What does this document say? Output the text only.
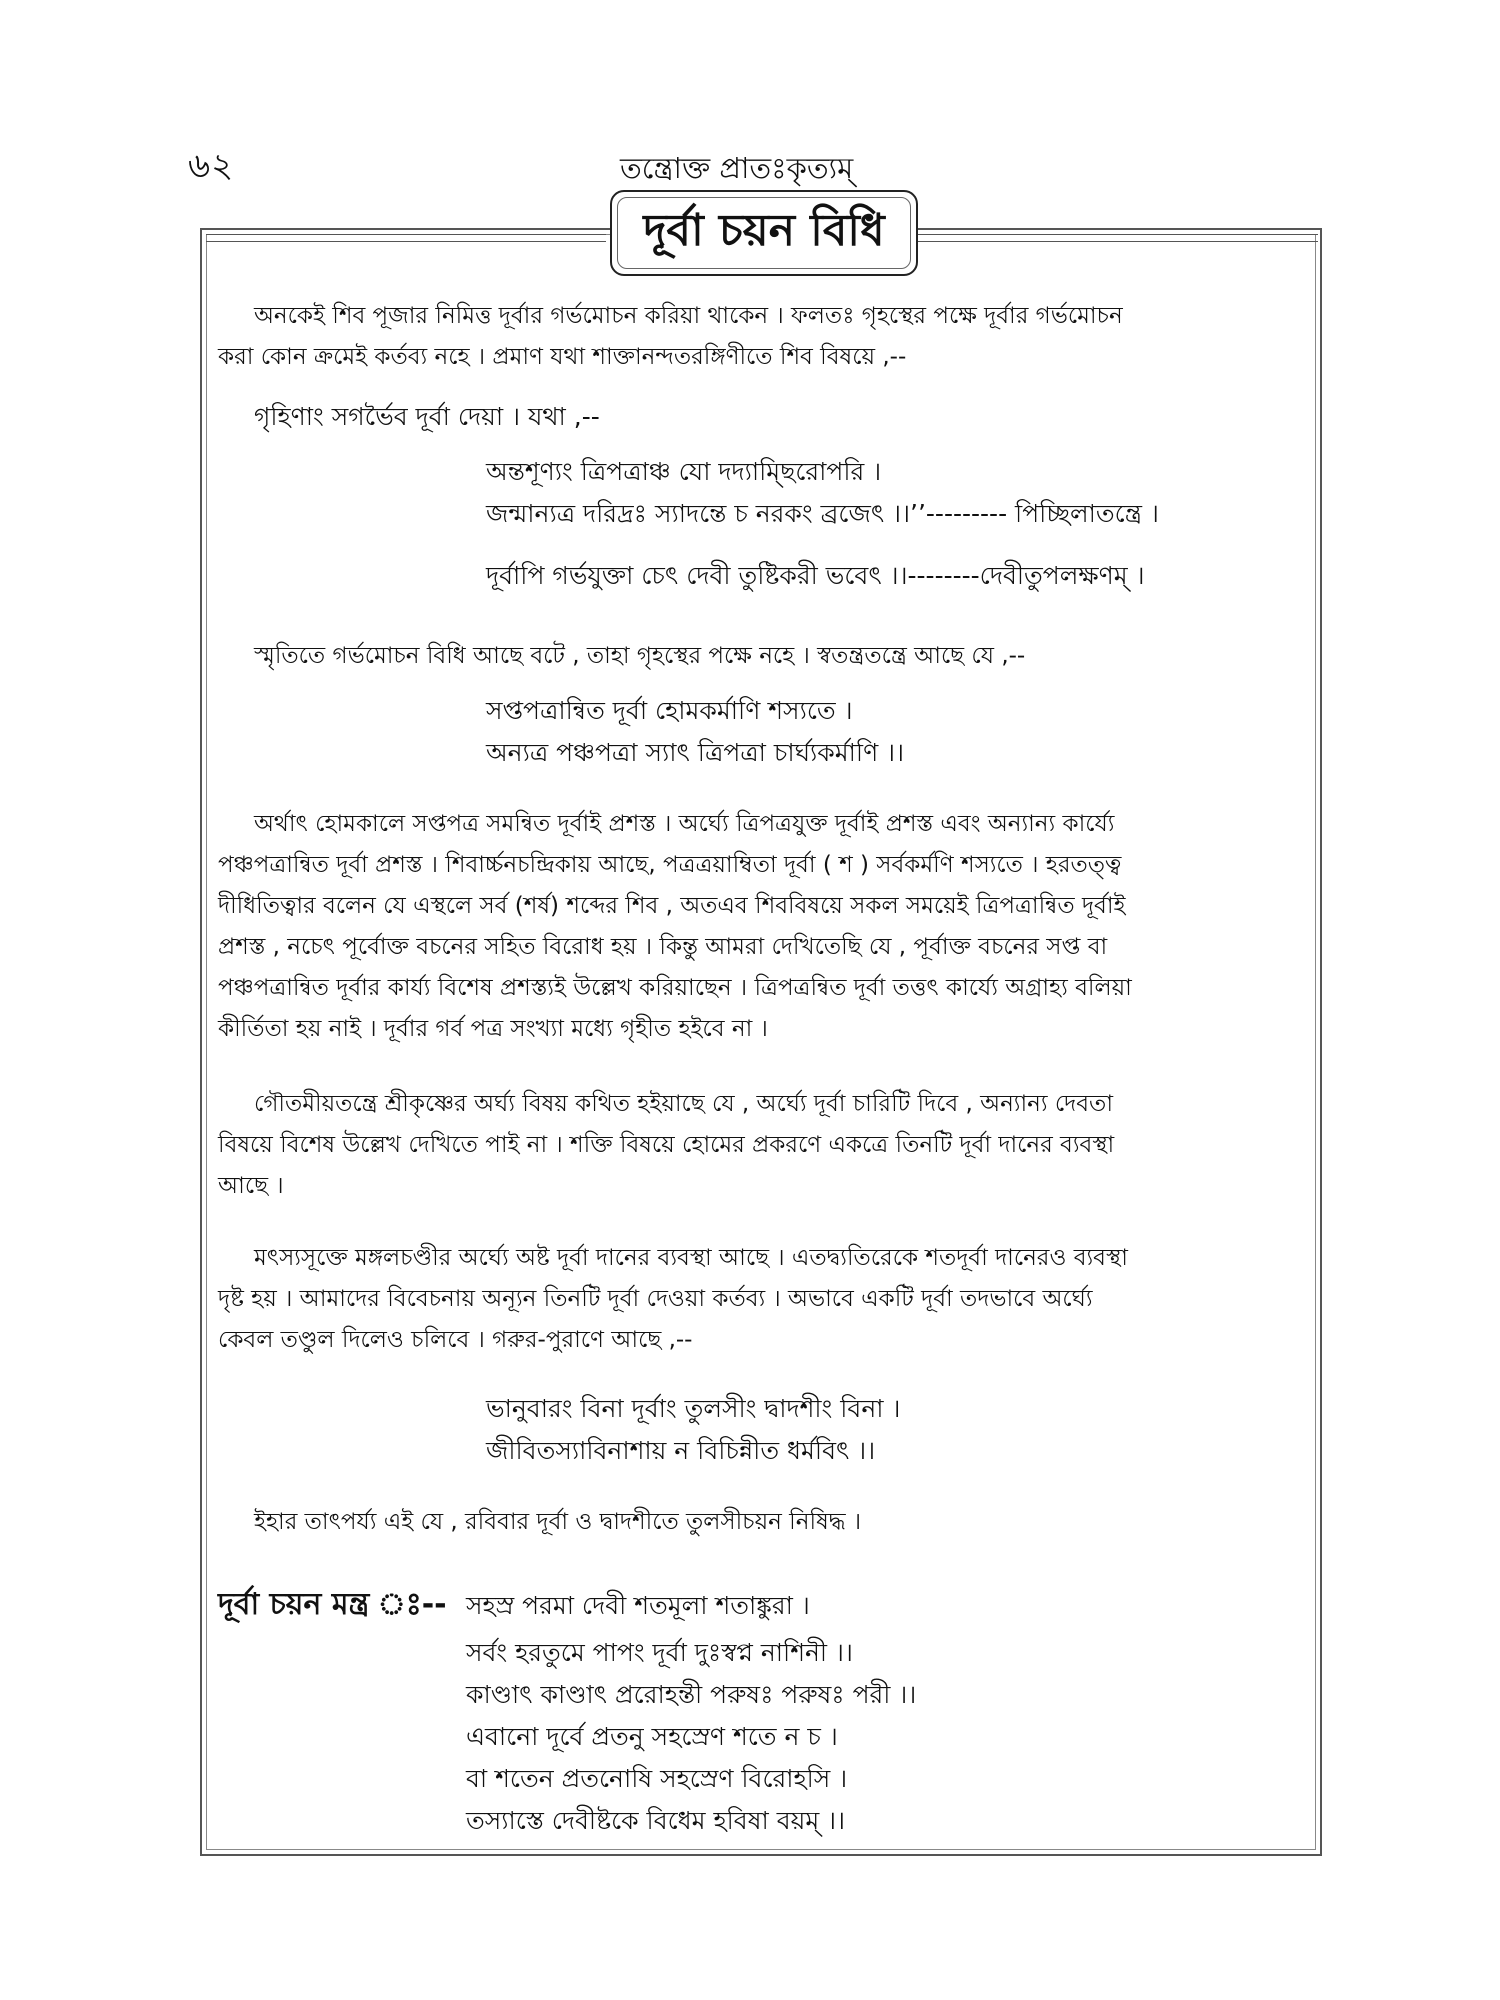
৬২	তন্ত্রোক্ত প্রাতঃকৃত্যম্
দূর্বা চয়ন বিধি
অনকেই শিব পূজার নিমিত্ত দূর্বার গর্ভমোচন করিয়া থাকেন । ফলতঃ গৃহস্থের পক্ষে দূর্বার গর্ভমোচন
করা কোন ক্রমেই কর্তব্য নহে । প্রমাণ যথা শাক্তানন্দতরঙ্গিণীতে শিব বিষয়ে ,--
গৃহিণাং সগর্ভৈব দূর্বা দেয়া । যথা ,--
অন্তশূণ্যং ত্রিপত্রাঞ্চ যো দদ্যাম্ছিরোপরি ।
জন্মান্যত্র দরিদ্রঃ স্যাদন্তে চ নরকং ব্রজেৎ ।।’’--------- পিচ্ছিলাতন্ত্রে ।
দূর্বাপি গর্ভযুক্তা চেৎ দেবী তুষ্টিকরী ভবেৎ ।।--------দেবীতুপলক্ষণম্ ।
স্মৃতিতে গর্ভমোচন বিধি আছে বটে , তাহা গৃহস্থের পক্ষে নহে । স্বতন্ত্রতন্ত্রে আছে যে ,--
সপ্তপত্রান্বিত দূর্বা হোমকর্মাণি শস্যতে ।
অন্যত্র পঞ্চপত্রা স্যাৎ ত্রিপত্রা চার্ঘ্যকর্মাণি ।।
অর্থাৎ হোমকালে সপ্তপত্র সমন্বিত দূর্বাই প্রশস্ত । অর্ঘ্যে ত্রিপত্রযুক্ত দূর্বাই প্রশস্ত এবং অন্যান্য কার্য্যে
পঞ্চপত্রান্বিত দূর্বা প্রশস্ত । শিবার্চ্চনচন্দ্রিকায় আছে, পত্রত্রয়াম্বিতা দূর্বা ( শ ) সর্বকর্মণি শস্যতে । হরতত্ত্ব
দীধিতিত্বার বলেন যে এস্থলে সর্ব (শর্ষ) শব্দের শিব , অতএব শিববিষয়ে সকল সময়েই ত্রিপত্রান্বিত দূর্বাই
প্রশস্ত , নচেৎ পূর্বোক্ত বচনের সহিত বিরোধ হয় । কিন্তু আমরা দেখিতেছি যে , পূর্বাক্ত বচনের সপ্ত বা
পঞ্চপত্রান্বিত দূর্বার কার্য্য বিশেষ প্রশস্ত্যই উল্লেখ করিয়াছেন । ত্রিপত্রন্বিত দূর্বা তত্তৎ কার্য্যে অগ্রাহ্য বলিয়া
কীর্তিতা হয় নাই । দূর্বার গর্ব পত্র সংখ্যা মধ্যে গৃহীত হইবে না ।
গৌতমীয়তন্ত্রে শ্রীকৃষ্ণের অর্ঘ্য বিষয় কথিত হইয়াছে যে , অর্ঘ্যে দূর্বা চারিটি দিবে , অন্যান্য দেবতা
বিষয়ে বিশেষ উল্লেখ দেখিতে পাই না । শক্তি বিষয়ে হোমের প্রকরণে একত্রে তিনটি দূর্বা দানের ব্যবস্থা
আছে ।
মৎস্যসূক্তে মঙ্গলচণ্ডীর অর্ঘ্যে অষ্ট দূর্বা দানের ব্যবস্থা আছে । এতদ্ব্যতিরেকে শতদূর্বা দানেরও ব্যবস্থা
দৃষ্ট হয় । আমাদের বিবেচনায় অন্যূন তিনটি দূর্বা দেওয়া কর্তব্য । অভাবে একটি দূর্বা তদভাবে অর্ঘ্যে
কেবল তণ্ডুল দিলেও চলিবে । গরুর-পুরাণে আছে ,--
ভানুবারং বিনা দূর্বাং তুলসীং দ্বাদশীং বিনা ।
জীবিতস্যাবিনাশায় ন বিচিন্নীত ধর্মবিৎ ।।
ইহার তাৎপর্য্য এই যে , রবিবার দূর্বা ও দ্বাদশীতে তুলসীচয়ন নিষিদ্ধ ।
দূর্বা চয়ন মন্ত্র ঃ-- সহস্র পরমা দেবী শতমূলা শতাঙ্কুরা ।
সর্বং হরতুমে পাপং দূর্বা দুঃস্বপ্ন নাশিনী ।।
কাণ্ডাৎ কাণ্ডাৎ প্ররোহন্তী পরুষঃ পরুষঃ পরী ।।
এবানো দূর্বে প্রতনু সহস্রেণ শতে ন চ ।
বা শতেন প্রতনোষি সহস্রেণ বিরোহসি ।
তস্যাস্তে দেবীষ্টকে বিধেম হবিষা বয়ম্ ।।
